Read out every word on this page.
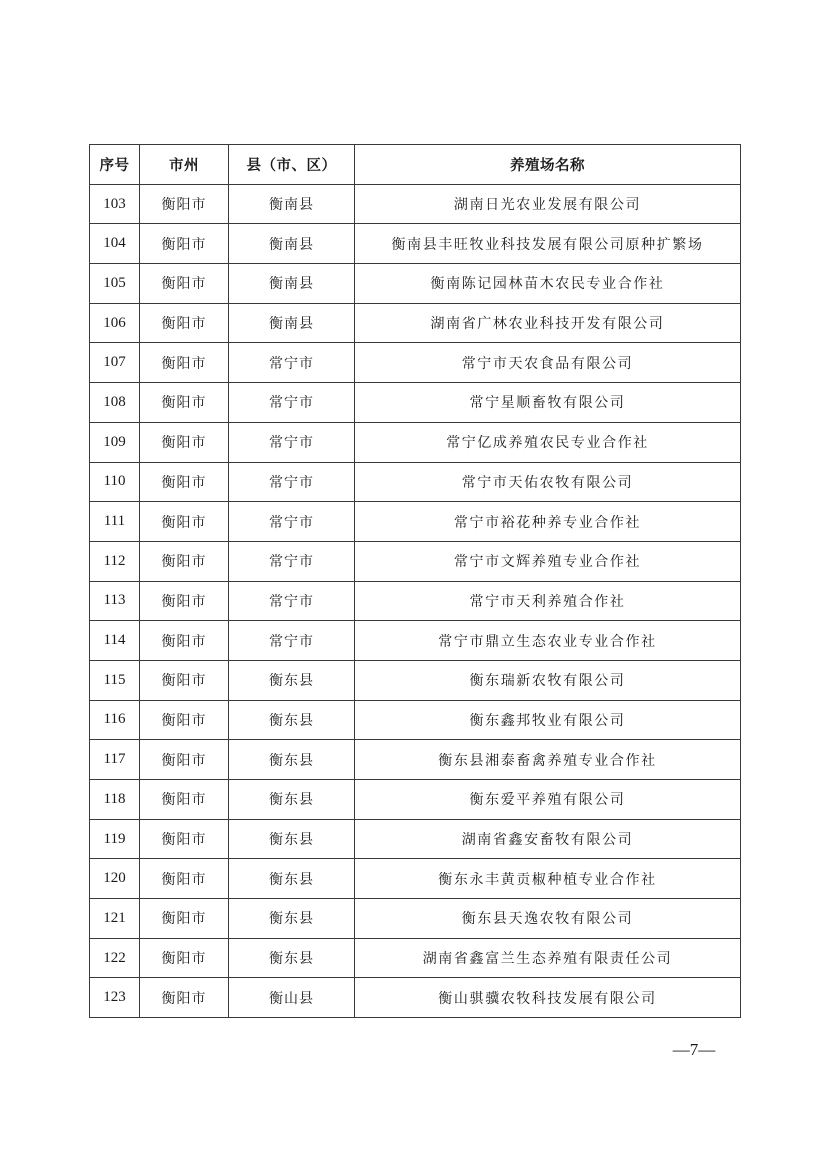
序号	市州	县（市、区）	养殖场名称
103	衡阳市	衡南县	湖南日光农业发展有限公司
104	衡阳市	衡南县	衡南县丰旺牧业科技发展有限公司原种扩繁场
105	衡阳市	衡南县	衡南陈记园林苗木农民专业合作社
106	衡阳市	衡南县	湖南省广林农业科技开发有限公司
107	衡阳市	常宁市	常宁市天农食品有限公司
108	衡阳市	常宁市	常宁星顺畜牧有限公司
109	衡阳市	常宁市	常宁亿成养殖农民专业合作社
110	衡阳市	常宁市	常宁市天佑农牧有限公司
111	衡阳市	常宁市	常宁市裕花种养专业合作社
112	衡阳市	常宁市	常宁市文辉养殖专业合作社
113	衡阳市	常宁市	常宁市天利养殖合作社
114	衡阳市	常宁市	常宁市鼎立生态农业专业合作社
115	衡阳市	衡东县	衡东瑞新农牧有限公司
116	衡阳市	衡东县	衡东鑫邦牧业有限公司
117	衡阳市	衡东县	衡东县湘泰畜禽养殖专业合作社
118	衡阳市	衡东县	衡东爱平养殖有限公司
119	衡阳市	衡东县	湖南省鑫安畜牧有限公司
120	衡阳市	衡东县	衡东永丰黄贡椒种植专业合作社
121	衡阳市	衡东县	衡东县天逸农牧有限公司
122	衡阳市	衡东县	湖南省鑫富兰生态养殖有限责任公司
123	衡阳市	衡山县	衡山骐骥农牧科技发展有限公司
—7—
